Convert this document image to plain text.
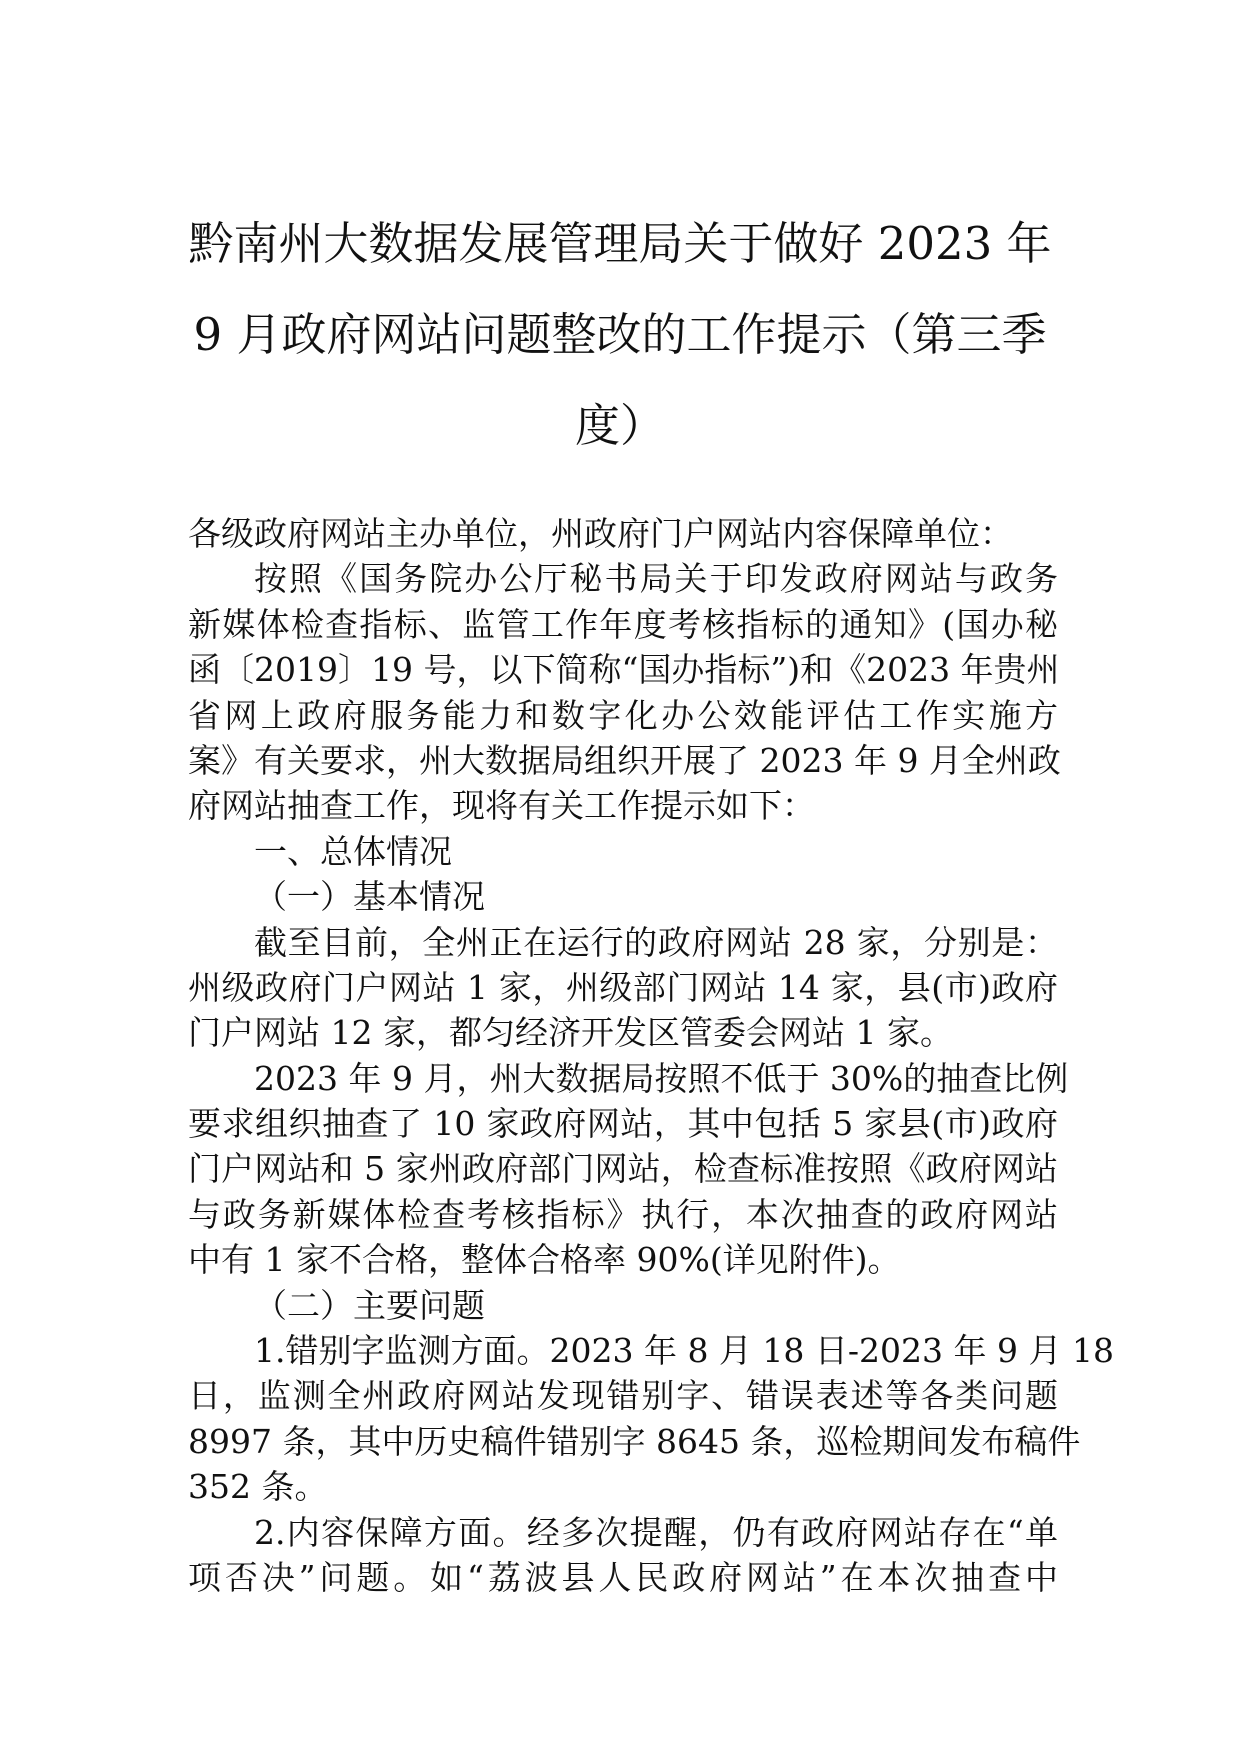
黔南州大数据发展管理局关于做好 2023 年
9 月政府网站问题整改的工作提示（第三季
度）
各级政府网站主办单位，州政府门户网站内容保障单位：
按照《国务院办公厅秘书局关于印发政府网站与政务
新媒体检查指标、监管工作年度考核指标的通知》(国办秘
函〔2019〕19 号，以下简称“国办指标”)和《2023 年贵州
省网上政府服务能力和数字化办公效能评估工作实施方
案》有关要求，州大数据局组织开展了 2023 年 9 月全州政
府网站抽查工作，现将有关工作提示如下：
一、总体情况
（一）基本情况
截至目前，全州正在运行的政府网站 28 家，分别是：
州级政府门户网站 1 家，州级部门网站 14 家，县(市)政府
门户网站 12 家，都匀经济开发区管委会网站 1 家。
2023 年 9 月，州大数据局按照不低于 30%的抽查比例
要求组织抽查了 10 家政府网站，其中包括 5 家县(市)政府
门户网站和 5 家州政府部门网站，检查标准按照《政府网站
与政务新媒体检查考核指标》执行，本次抽查的政府网站
中有 1 家不合格，整体合格率 90%(详见附件)。
（二）主要问题
1.错别字监测方面。2023 年 8 月 18 日-2023 年 9 月 18
日，监测全州政府网站发现错别字、错误表述等各类问题
8997 条，其中历史稿件错别字 8645 条，巡检期间发布稿件
352 条。
2.内容保障方面。经多次提醒，仍有政府网站存在“单
项否决”问题。如“荔波县人民政府网站”在本次抽查中
